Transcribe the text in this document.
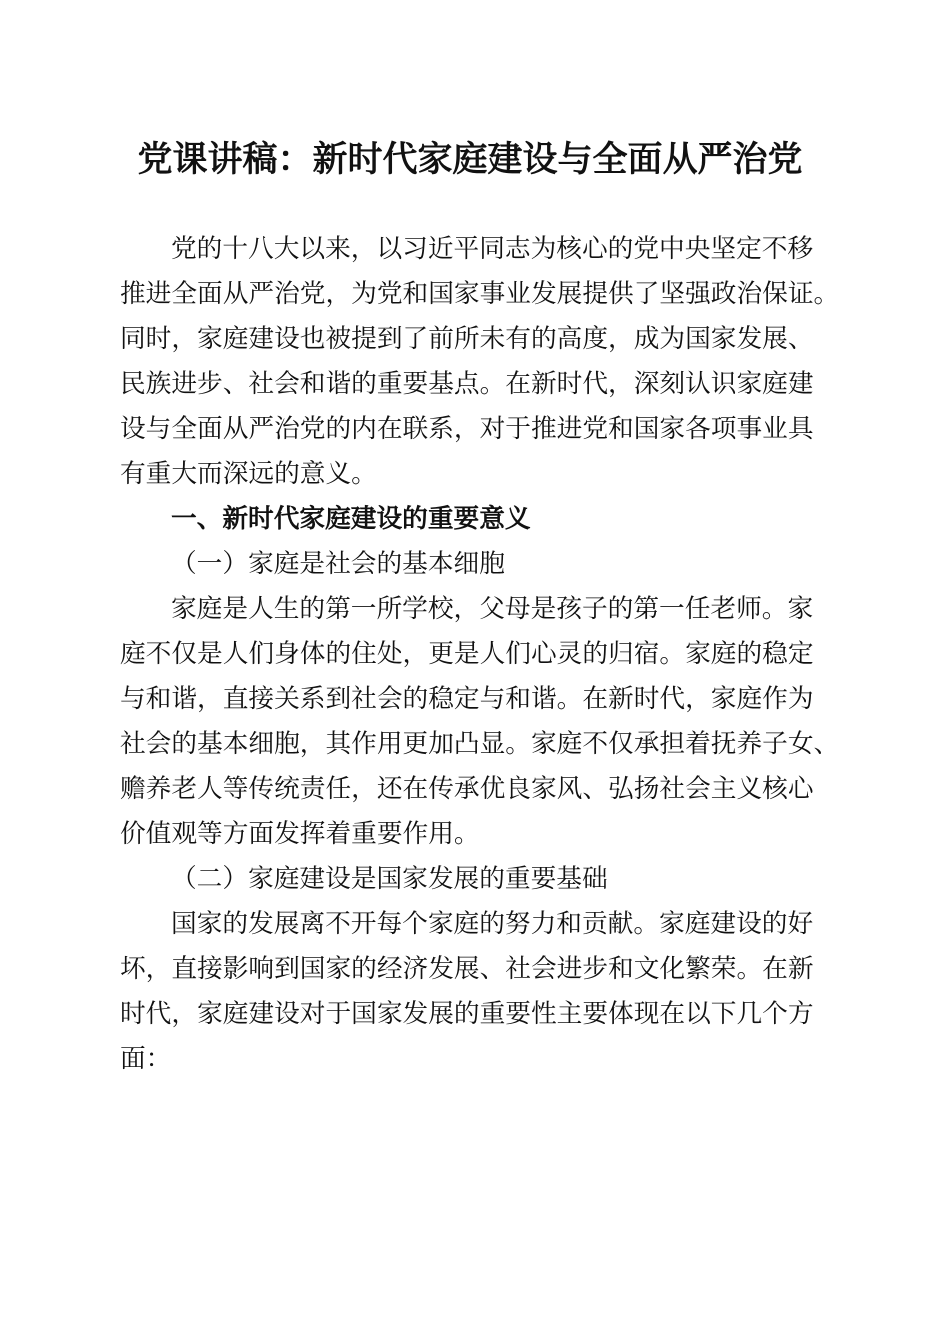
党课讲稿：新时代家庭建设与全面从严治党
党的十八大以来，以习近平同志为核心的党中央坚定不移
推进全面从严治党，为党和国家事业发展提供了坚强政治保证。
同时，家庭建设也被提到了前所未有的高度，成为国家发展、
民族进步、社会和谐的重要基点。在新时代，深刻认识家庭建
设与全面从严治党的内在联系，对于推进党和国家各项事业具
有重大而深远的意义。
一、新时代家庭建设的重要意义
（一）家庭是社会的基本细胞
家庭是人生的第一所学校，父母是孩子的第一任老师。家
庭不仅是人们身体的住处，更是人们心灵的归宿。家庭的稳定
与和谐，直接关系到社会的稳定与和谐。在新时代，家庭作为
社会的基本细胞，其作用更加凸显。家庭不仅承担着抚养子女、
赡养老人等传统责任，还在传承优良家风、弘扬社会主义核心
价值观等方面发挥着重要作用。
（二）家庭建设是国家发展的重要基础
国家的发展离不开每个家庭的努力和贡献。家庭建设的好
坏，直接影响到国家的经济发展、社会进步和文化繁荣。在新
时代，家庭建设对于国家发展的重要性主要体现在以下几个方
面：
